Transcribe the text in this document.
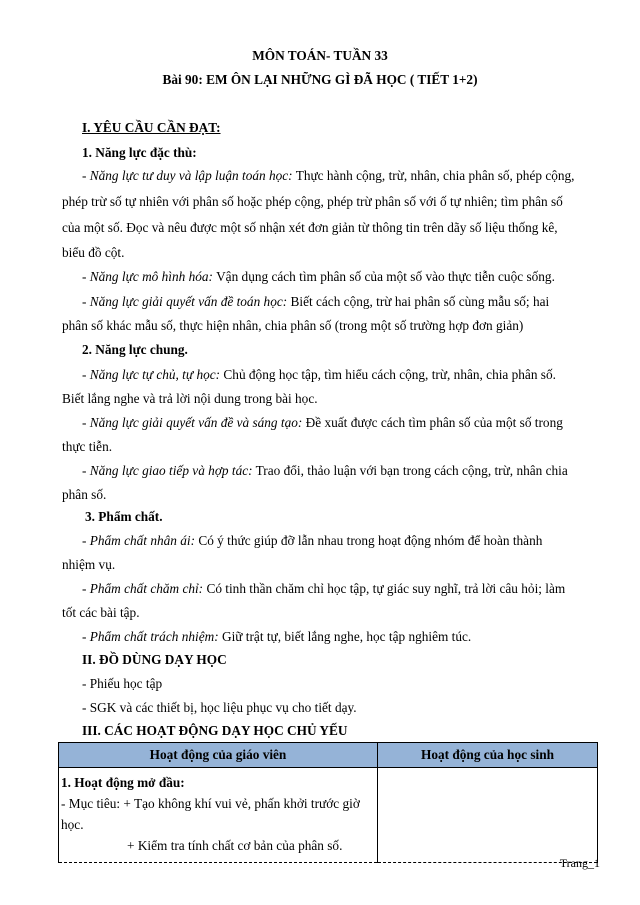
MÔN TOÁN- TUẦN 33
Bài 90: EM ÔN LẠI NHỮNG GÌ ĐÃ HỌC ( TIẾT 1+2)
I. YÊU CẦU CẦN ĐẠT:
1. Năng lực đặc thù:
- Năng lực tư duy và lập luận toán học: Thực hành cộng, trừ, nhân, chia phân số, phép cộng,
phép trừ số tự nhiên với phân số hoặc phép cộng, phép trừ phân số với ố tự nhiên; tìm phân số
của một số. Đọc và nêu được một số nhận xét đơn giản từ thông tin trên dãy số liệu thống kê,
biểu đồ cột.
- Năng lực mô hình hóa: Vận dụng cách tìm phân số của một số vào thực tiễn cuộc sống.
- Năng lực giải quyết vấn đề toán học: Biết cách cộng, trừ hai phân số cùng mẫu số; hai
phân số khác mẫu số, thực hiện nhân, chia phân số (trong một số trường hợp đơn giản)
2. Năng lực chung.
- Năng lực tự chủ, tự học: Chủ động học tập, tìm hiểu cách cộng, trừ, nhân, chia phân số.
Biết lắng nghe và trả lời nội dung trong bài học.
- Năng lực giải quyết vấn đề và sáng tạo: Đề xuất được cách tìm phân số của một số trong
thực tiễn.
- Năng lực giao tiếp và hợp tác: Trao đổi, thảo luận với bạn trong cách cộng, trừ, nhân chia
phân số.
3. Phẩm chất.
- Phẩm chất nhân ái: Có ý thức giúp đỡ lẫn nhau trong hoạt động nhóm để hoàn thành
nhiệm vụ.
- Phẩm chất chăm chỉ: Có tinh thần chăm chỉ học tập, tự giác suy nghĩ, trả lời câu hỏi; làm
tốt các bài tập.
- Phẩm chất trách nhiệm: Giữ trật tự, biết lắng nghe, học tập nghiêm túc.
II. ĐỒ DÙNG DẠY HỌC
- Phiếu học tập
- SGK và các thiết bị, học liệu phục vụ cho tiết dạy.
III. CÁC HOẠT ĐỘNG DẠY HỌC CHỦ YẾU
Hoạt động của giáo viên	Hoạt động của học sinh

1. Hoạt động mở đầu:
- Mục tiêu: + Tạo không khí vui vẻ, phấn khởi trước giờ học.
+ Kiểm tra tính chất cơ bản của phân số.	

Trang_1
